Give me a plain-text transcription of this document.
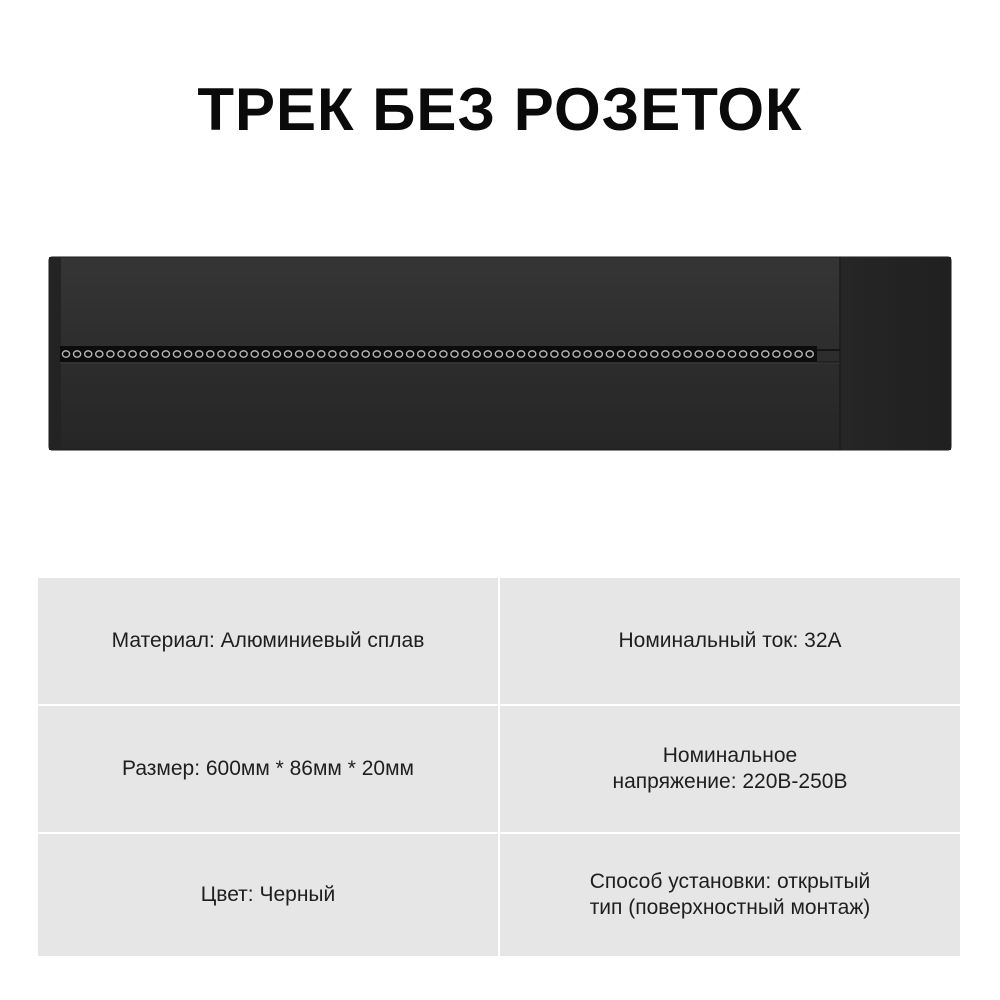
ТРЕК БЕЗ РОЗЕТОК
Материал: Алюминиевый сплав	Номинальный ток: 32А
Размер: 600мм * 86мм * 20мм
Номинальное
напряжение: 220В-250В
Цвет: Черный
Способ установки: открытый
тип (поверхностный монтаж)
